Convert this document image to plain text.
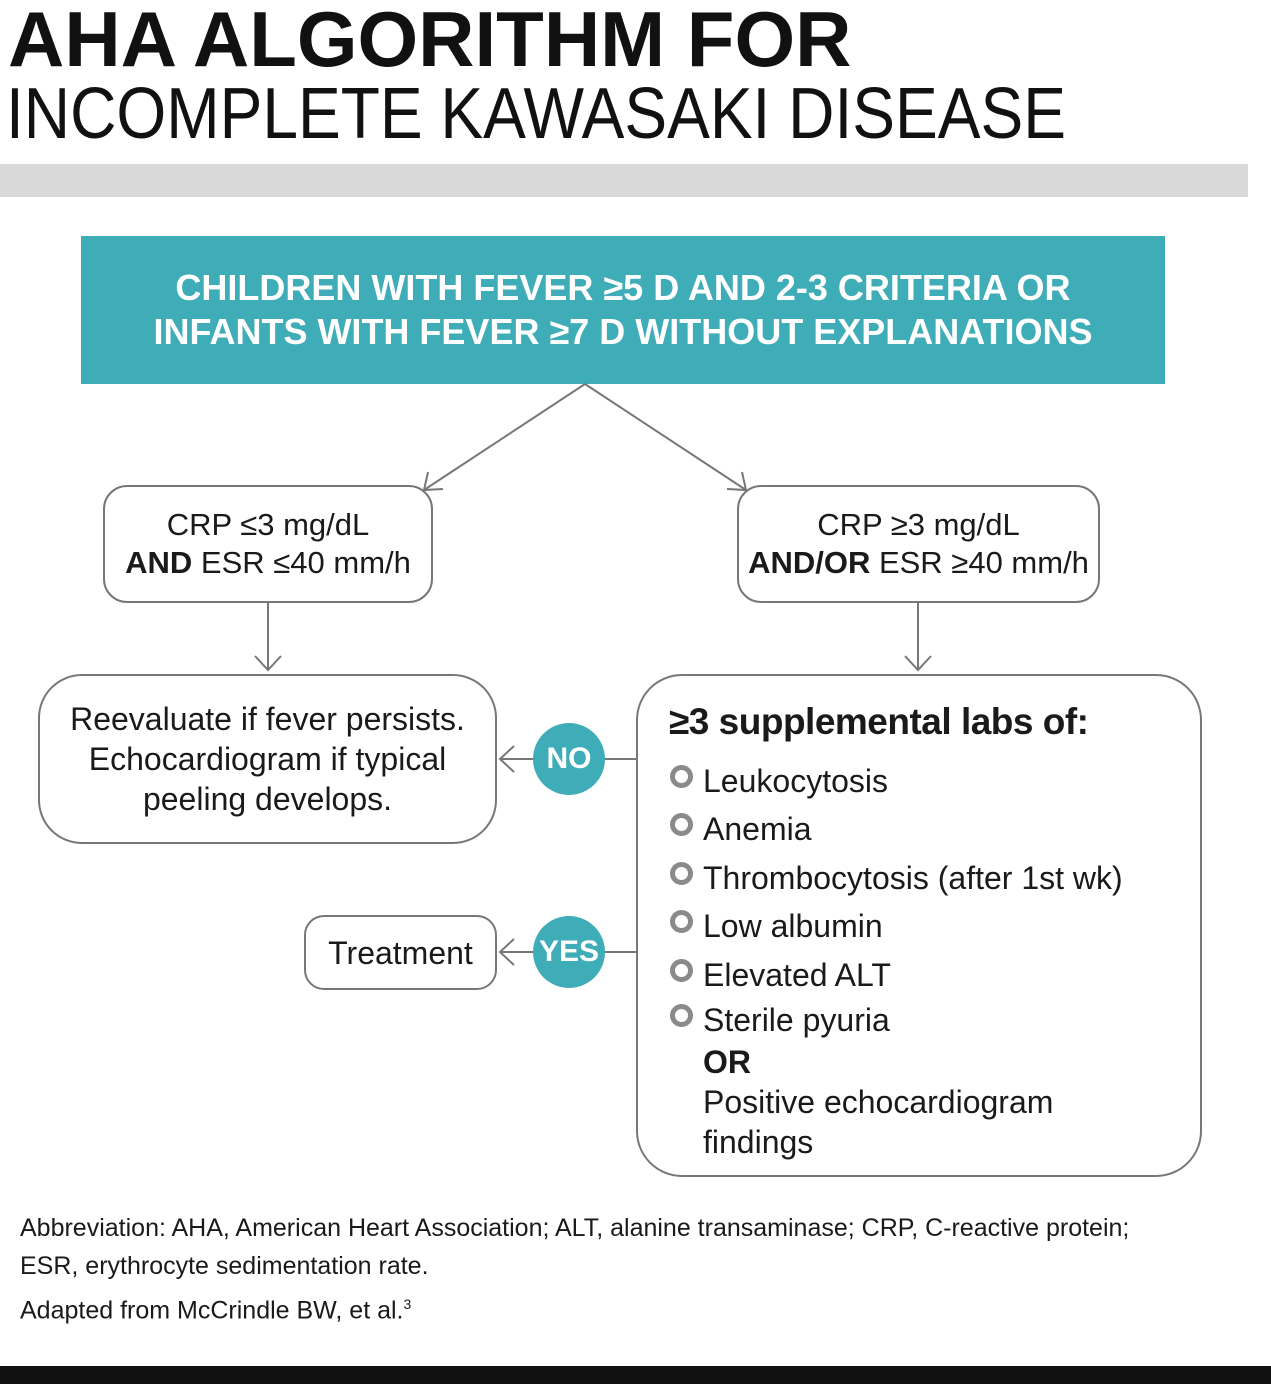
AHA ALGORITHM FOR
INCOMPLETE KAWASAKI DISEASE
CHILDREN WITH FEVER ≥5 D AND 2-3 CRITERIA OR
INFANTS WITH FEVER ≥7 D WITHOUT EXPLANATIONS
CRP ≤3 mg/dL
AND ESR ≤40 mm/h
CRP ≥3 mg/dL
AND/OR ESR ≥40 mm/h
Reevaluate if fever persists.
Echocardiogram if typical
peeling develops.
NO
YES
Treatment
≥3 supplemental labs of:
Leukocytosis
Anemia
Thrombocytosis (after 1st wk)
Low albumin
Elevated ALT
Sterile pyuria
OR
Positive echocardiogram
findings
Abbreviation: AHA, American Heart Association; ALT, alanine transaminase; CRP, C-reactive protein;
ESR, erythrocyte sedimentation rate.
Adapted from McCrindle BW, et al.$^3$
